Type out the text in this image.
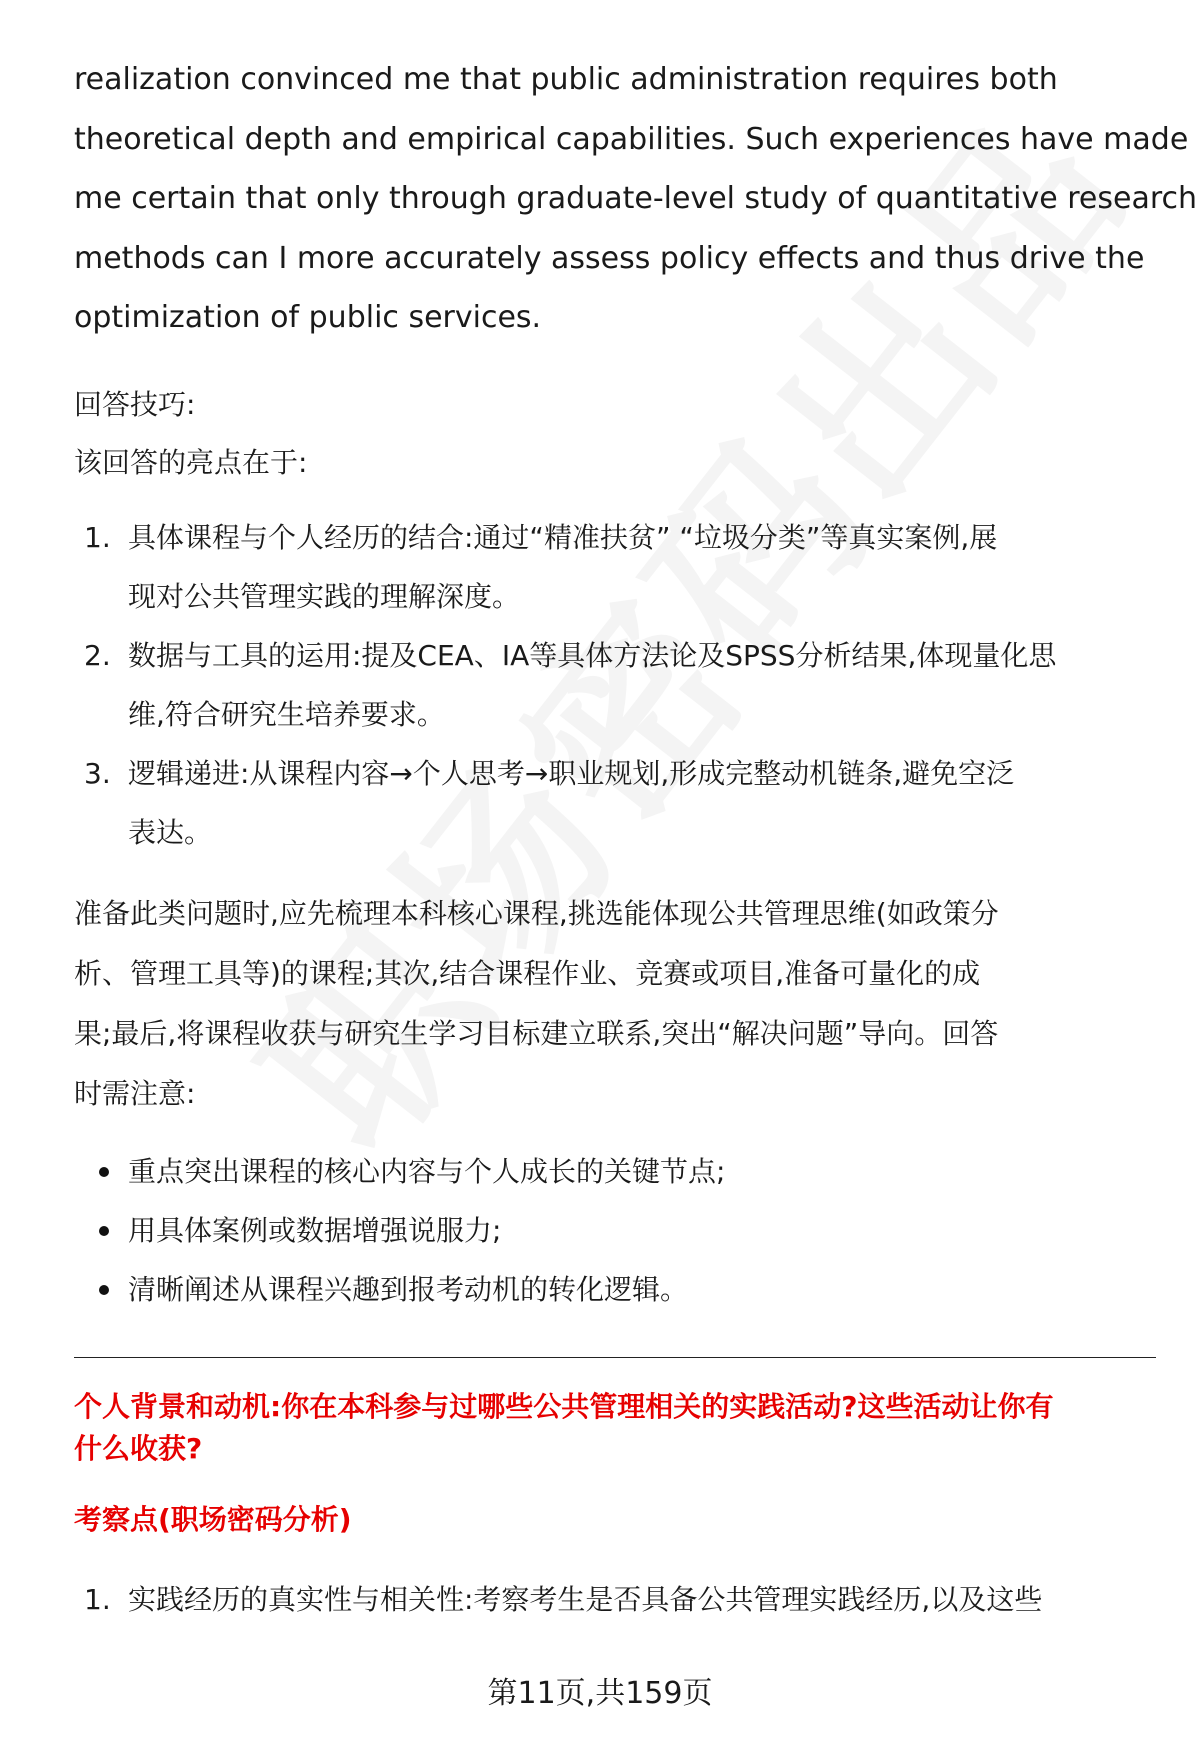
realization convinced me that public administration requires both
theoretical depth and empirical capabilities. Such experiences have made
me certain that only through graduate-level study of quantitative research
methods can I more accurately assess policy effects and thus drive the
optimization of public services.
回答技巧:
该回答的亮点在于:
1. 具体课程与个人经历的结合:通过“精准扶贫” “垃圾分类”等真实案例,展
现对公共管理实践的理解深度。
2. 数据与工具的运用:提及CEA、IA等具体方法论及SPSS分析结果,体现量化思
维,符合研究生培养要求。
3. 逻辑递进:从课程内容→个人思考→职业规划,形成完整动机链条,避免空泛
表达。
准备此类问题时,应先梳理本科核心课程,挑选能体现公共管理思维(如政策分
析、管理工具等)的课程;其次,结合课程作业、竞赛或项目,准备可量化的成
果;最后,将课程收获与研究生学习目标建立联系,突出“解决问题”导向。回答
时需注意:
重点突出课程的核心内容与个人成长的关键节点;
用具体案例或数据增强说服力;
清晰阐述从课程兴趣到报考动机的转化逻辑。
个人背景和动机:你在本科参与过哪些公共管理相关的实践活动?这些活动让你有
什么收获?
考察点(职场密码分析)
1. 实践经历的真实性与相关性:考察考生是否具备公共管理实践经历,以及这些
第11页,共159页
